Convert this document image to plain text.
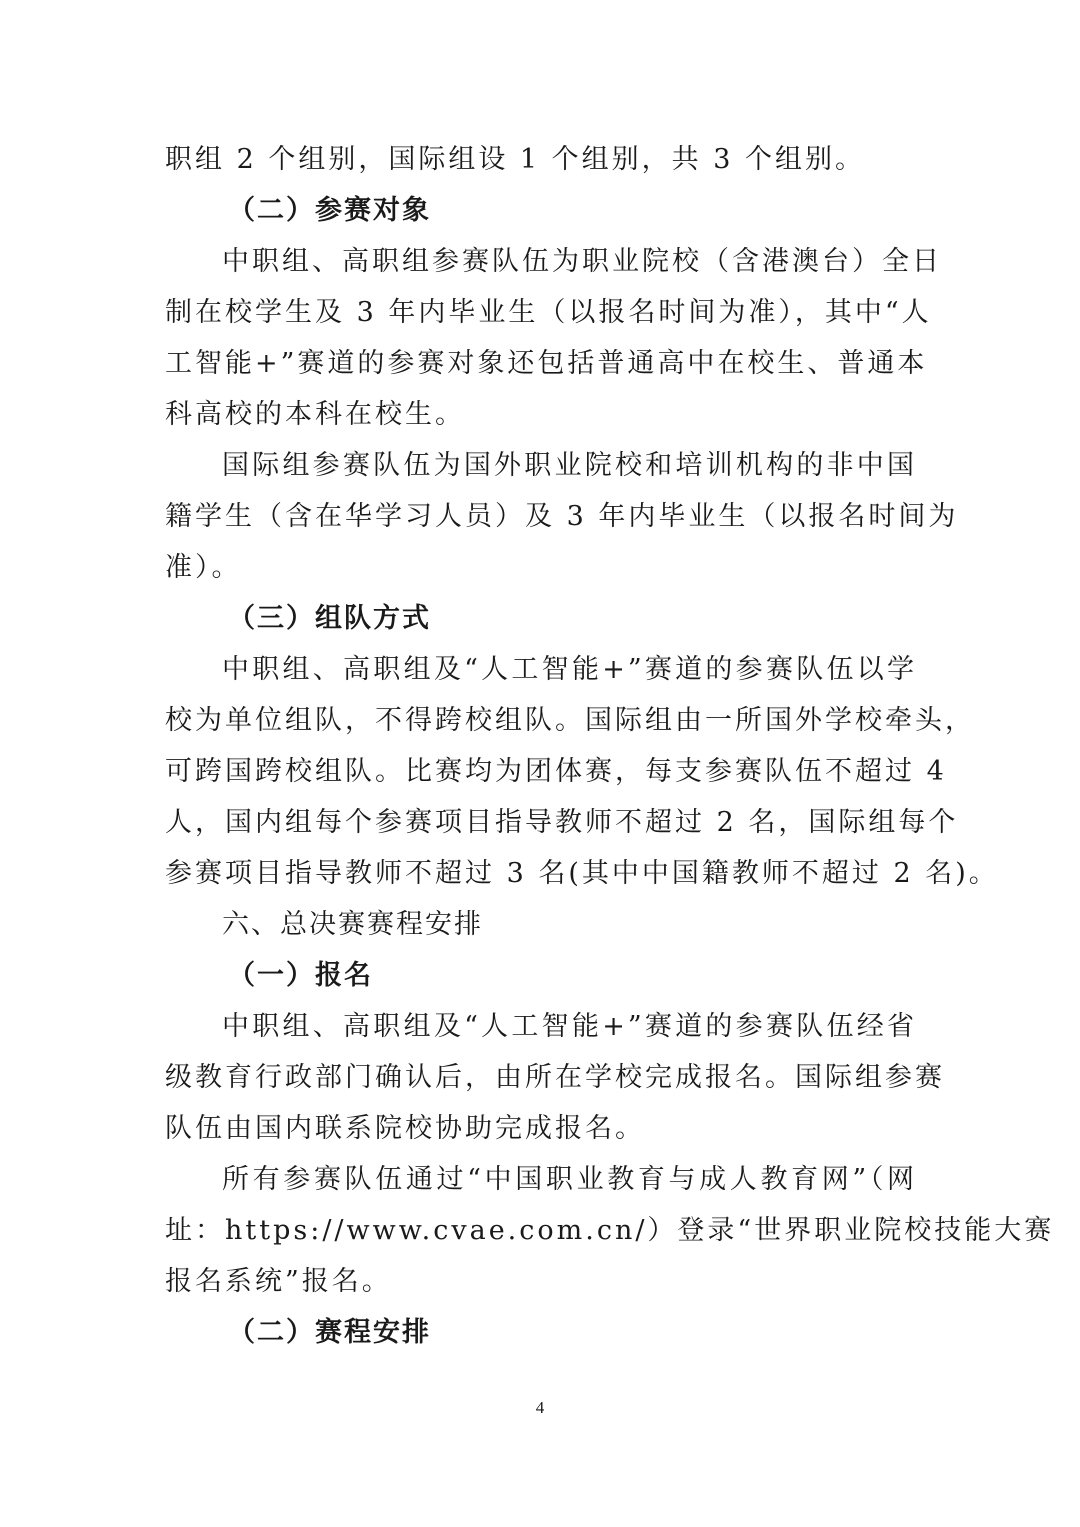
职组 2 个组别，国际组设 1 个组别，共 3 个组别。
（二）参赛对象
中职组、高职组参赛队伍为职业院校（含港澳台）全日
制在校学生及 3 年内毕业生（以报名时间为准），其中“人
工智能+”赛道的参赛对象还包括普通高中在校生、普通本
科高校的本科在校生。
国际组参赛队伍为国外职业院校和培训机构的非中国
籍学生（含在华学习人员）及 3 年内毕业生（以报名时间为
准）。
（三）组队方式
中职组、高职组及“人工智能+”赛道的参赛队伍以学
校为单位组队，不得跨校组队。国际组由一所国外学校牵头，
可跨国跨校组队。比赛均为团体赛，每支参赛队伍不超过 4
人，国内组每个参赛项目指导教师不超过 2 名，国际组每个
参赛项目指导教师不超过 3 名(其中中国籍教师不超过 2 名)。
六、总决赛赛程安排
（一）报名
中职组、高职组及“人工智能+”赛道的参赛队伍经省
级教育行政部门确认后，由所在学校完成报名。国际组参赛
队伍由国内联系院校协助完成报名。
所有参赛队伍通过“中国职业教育与成人教育网”（网
址：https://www.cvae.com.cn/）登录“世界职业院校技能大赛
报名系统”报名。
（二）赛程安排
4
